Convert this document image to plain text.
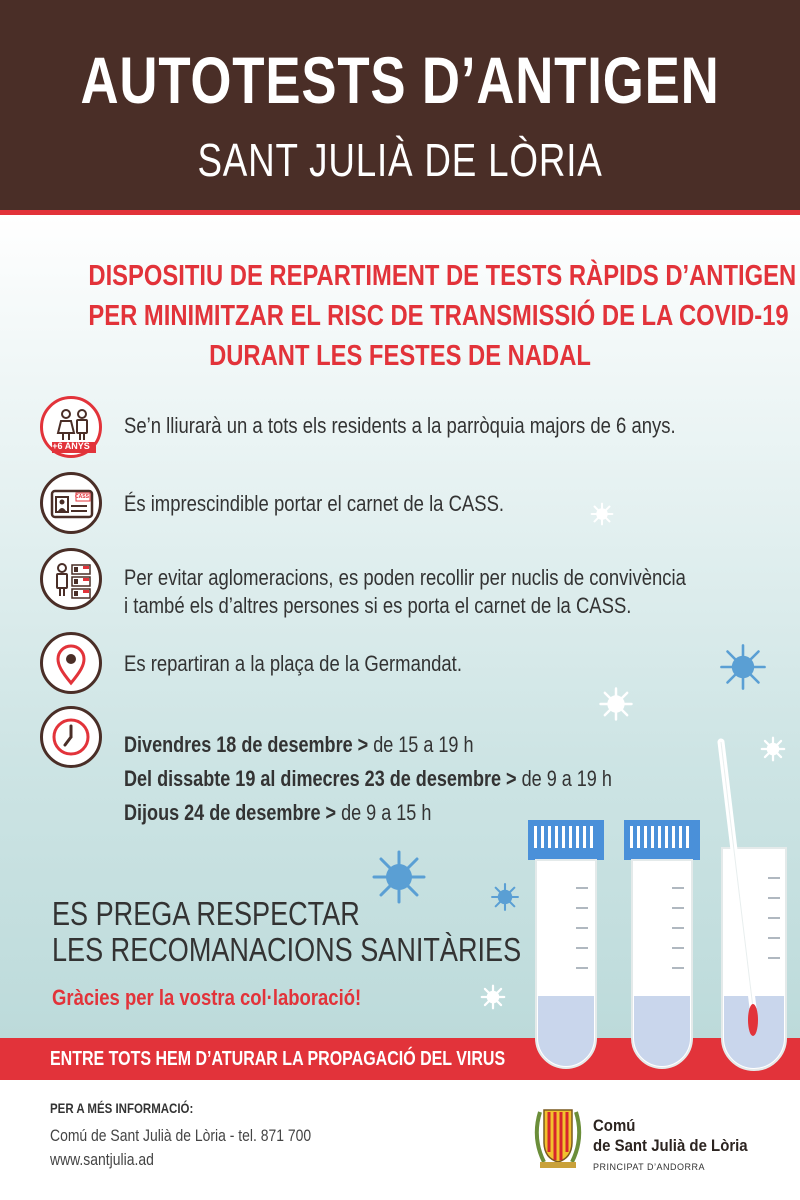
AUTOTESTS D’ANTIGEN
SANT JULIÀ DE LÒRIA
DISPOSITIU DE REPARTIMENT DE TESTS RÀPIDS D’ANTIGEN
PER MINIMITZAR EL RISC DE TRANSMISSIÓ DE LA COVID-19
DURANT LES FESTES DE NADAL
+6 ANYS
Se’n lliurarà un a tots els residents a la parròquia majors de 6 anys.
CASS És imprescindible portar el carnet de la CASS.
Per evitar aglomeracions, es poden recollir per nuclis de convivència
i també els d’altres persones si es porta el carnet de la CASS.
Es repartiran a la plaça de la Germandat.
Divendres 18 de desembre > de 15 a 19 h
Del dissabte 19 al dimecres 23 de desembre > de 9 a 19 h
Dijous 24 de desembre > de 9 a 15 h
ES PREGA RESPECTAR
LES RECOMANACIONS SANITÀRIES
Gràcies per la vostra col·laboració!
ENTRE TOTS HEM D’ATURAR LA PROPAGACIÓ DEL VIRUS
PER A MÉS INFORMACIÓ:
Comú de Sant Julià de Lòria - tel. 871 700
www.santjulia.ad
Comú
de Sant Julià de Lòria
PRINCIPAT D’ANDORRA
